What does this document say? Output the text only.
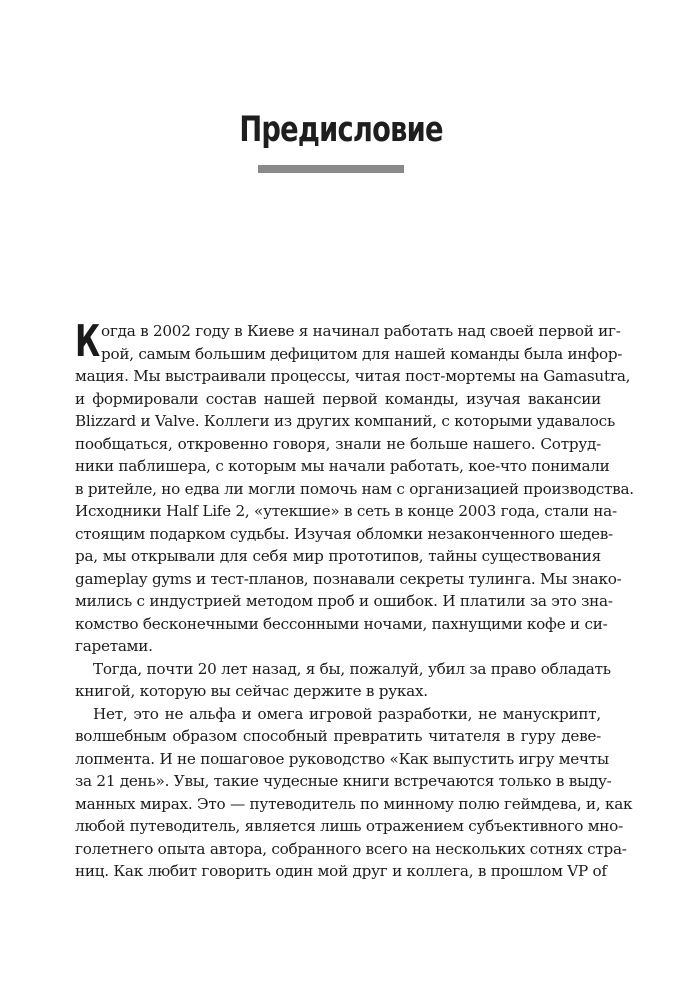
Предисловие
К огда в 2002 году в Киеве я начинал работать над своей первой иг-
рой, самым большим дефицитом для нашей команды была инфор-
мация. Мы выстраивали процессы, читая пост-мортемы на Gamasutra,
и формировали состав нашей первой команды, изучая вакансии
Blizzard и Valve. Коллеги из других компаний, с которыми удавалось
пообщаться, откровенно говоря, знали не больше нашего. Сотруд-
ники паблишера, с которым мы начали работать, кое-что понимали
в ритейле, но едва ли могли помочь нам с организацией производства.
Исходники Half Life 2, «утекшие» в сеть в конце 2003 года, стали на-
стоящим подарком судьбы. Изучая обломки незаконченного шедев-
ра, мы открывали для себя мир прототипов, тайны существования
gameplay gyms и тест-планов, познавали секреты тулинга. Мы знако-
мились с индустрией методом проб и ошибок. И платили за это зна-
комство бесконечными бессонными ночами, пахнущими кофе и си-
гаретами.
Тогда, почти 20 лет назад, я бы, пожалуй, убил за право обладать
книгой, которую вы сейчас держите в руках.
Нет, это не альфа и омега игровой разработки, не манускрипт,
волшебным образом способный превратить читателя в гуру деве-
лопмента. И не пошаговое руководство «Как выпустить игру мечты
за 21 день». Увы, такие чудесные книги встречаются только в выду-
манных мирах. Это — путеводитель по минному полю геймдева, и, как
любой путеводитель, является лишь отражением субъективного мно-
голетнего опыта автора, собранного всего на нескольких сотнях стра-
ниц. Как любит говорить один мой друг и коллега, в прошлом VP of
